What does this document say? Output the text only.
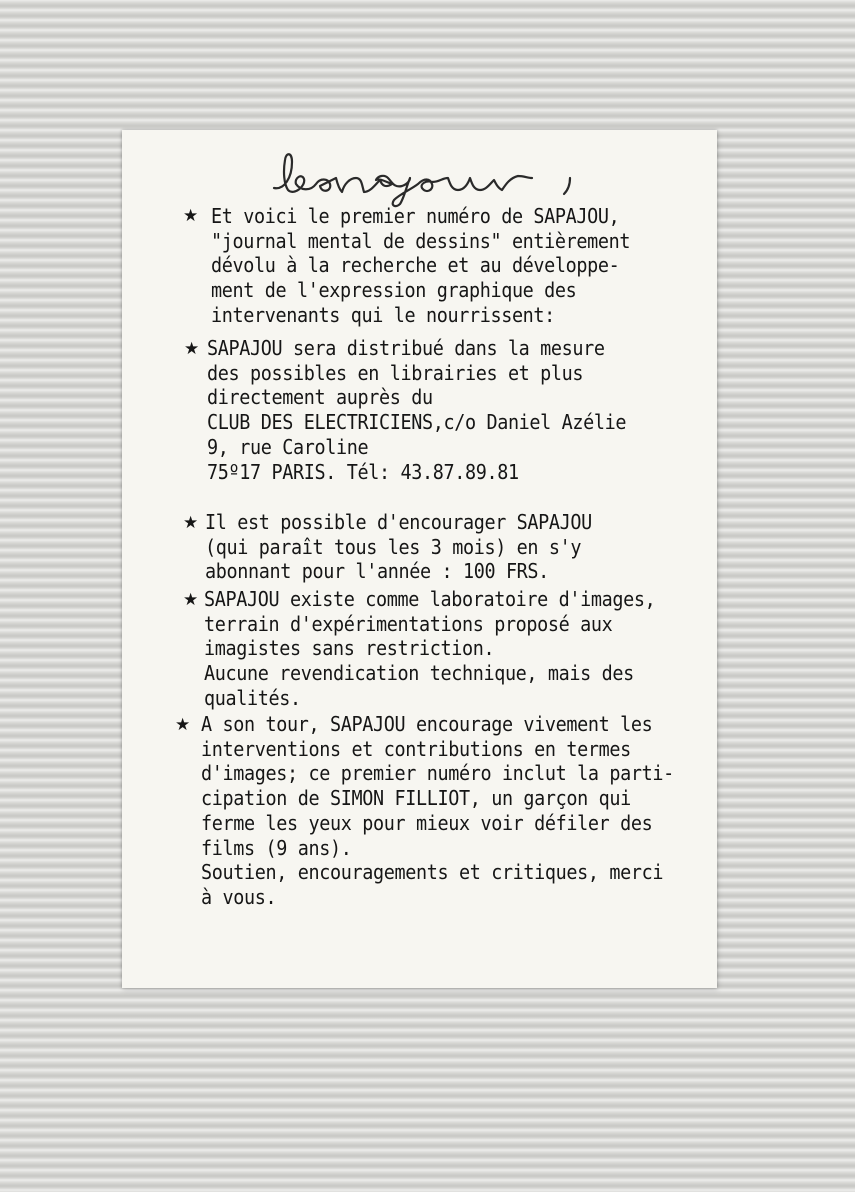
★ Et voici le premier numéro de SAPAJOU,
"journal mental de dessins" entièrement
dévolu à la recherche et au développe-
ment de l'expression graphique des
intervenants qui le nourrissent:
★ SAPAJOU sera distribué dans la mesure
des possibles en librairies et plus
directement auprès du
CLUB DES ELECTRICIENS,c/o Daniel Azélie
9, rue Caroline
75º17 PARIS. Tél: 43.87.89.81
★ Il est possible d'encourager SAPAJOU
(qui paraît tous les 3 mois) en s'y
abonnant pour l'année : 100 FRS.
★ SAPAJOU existe comme laboratoire d'images,
terrain d'expérimentations proposé aux
imagistes sans restriction.
Aucune revendication technique, mais des
qualités.
★ A son tour, SAPAJOU encourage vivement les
interventions et contributions en termes
d'images; ce premier numéro inclut la parti-
cipation de SIMON FILLIOT, un garçon qui
ferme les yeux pour mieux voir défiler des
films (9 ans).
Soutien, encouragements et critiques, merci
à vous.
